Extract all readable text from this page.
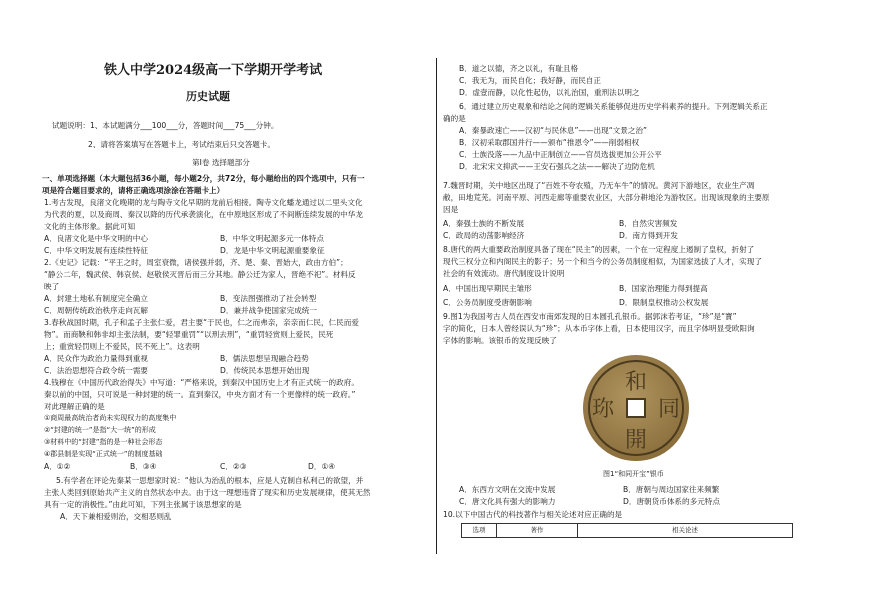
铁人中学2024级高一下学期开学考试
历史试题
试题说明：1、本试题满分___100___分，答题时间___75___分钟。
2、请将答案填写在答题卡上，考试结束后只交答题卡。
第Ⅰ卷 选择题部分
一、单项选择题（本大题包括36小题，每小题2分，共72分，每小题给出的四个选项中，只有一
项是符合题目要求的，请将正确选项涂涂在答题卡上）
1.考古发现，良渚文化晚期的龙与陶寺文化早期的龙前后相接。陶寺文化蟠龙通过以二里头文化
为代表的夏，以及商周、秦汉以降的历代承袭演化，在中原地区形成了不间断连续发展的中华龙
文化的主体形象。据此可知
A．良渚文化是中华文明的中心	B．中华文明起源多元一体特点
C．中华文明发展有连续性特征	D．龙是中华文明起源重要象征
2.《史记》记载：“平王之时，周室衰微，诸侯强并弱，齐、楚、秦、晋始大，政由方伯”；
“静公二年，魏武侯、韩哀侯、赵敬侯灭晋后而三分其地。静公迁为家人，晋绝不祀”。材料反
映了
A．封建土地私有制度完全确立	B．变法图强推动了社会转型
C．周朝传统政治秩序走向瓦解	D．兼并战争使国家完成统一
3.春秋战国时期，孔子和孟子主张仁爱，君主要“于民也，仁之而弗亲，亲亲而仁民，仁民而爱
物”。而商鞅和韩非却主张法制，要“轻罪重罚”“以刑去刑”，“重罚轻赏则上爱民，民死
上；重赏轻罚则上不爱民，民不死上”。这表明
A．民众作为政治力量得到重视	B．儒法思想呈现融合趋势
C．法治思想符合政令统一需要	D．传统民本思想开始出现
4.钱穆在《中国历代政治得失》中写道：“严格来说，到秦汉中国历史上才有正式统一的政府。
秦以前的中国，只可说是一种封建的统一。直到秦汉，中央方面才有一个更像样的统一政府。”
对此理解正确的是
①商周最高统治者尚未实现权力的高度集中
②“封建的统一”是指“大一统”的形成
③材料中的“封建”指的是一种社会形态
④郡县制是实现“正式统一”的制度基础
A．①②	B．③④	C．②③	D．①④
5.有学者在评论先秦某一思想家时说：“他认为治乱的根本，应是人克制自私利己的欲望，并
主张人类回到原始共产主义的自然状态中去。由于这一理想违背了现实和历史发展规律，使其无然
具有一定的消极性。”由此可知，下列主张属于该思想家的是
A．天下兼相爱则治，交相恶则乱
B．道之以德，齐之以礼，有耻且格
C．我无为，而民自化；我好静，而民自正
D．虚壹而静，以化性起伪，以礼治国，重刑法以明之
6．通过建立历史观象和结论之间的逻辑关系能够促进历史学科素养的提升。下列逻辑关系正
确的是
A．秦暴政速亡——汉初“与民休息”——出现“文景之治”
B．汉初采取郡国并行——颁布“推恩令”——削弱相权
C．士族没落——九品中正制创立——官员选拔更加公开公平
D．北宋宋文抑武——王安石强兵之法——解决了边防危机
7.魏晋时期，关中地区出现了“百姓不夸农殖，乃无车牛”的情况。黄河下游地区，农业生产凋
敝，田地荒芜。河南平原、河西走廊等重要农业区，大部分耕地沦为游牧区。出现该现象的主要原
因是
A．秦强士族的不断发展	B．自然灾害频发
C．政局的动荡影响经济	D．南方得到开发
8.唐代的两大重要政治制度具备了现在“民主”的因素，一个在一定程度上遏制了皇权，折射了
现代三权分立和内阁民主的影子；另一个和当今的公务员制度相似，为国家选拔了人才，实现了
社会的有效流动。唐代制度设计说明
A．中国出现早期民主雏形	B．国家治理能力得到提高
C．公务员制度受唐朝影响	D．限制皇权推动公权发展
9.图1为我国考古人员在西安市南郊发现的日本圆孔孔银币。据郭沫若考证，“珍”是“寳”
字的简化，日本人曾经误认为“珍”；从本币字体上看，日本使用汉字，而且字体明显受欧阳询
字体的影响。该银币的发现反映了
和
同
開
珎
图1“和同开宝”银币
A．东西方文明在交流中发展	B．唐朝与周边国家往来频繁
C．唐文化具有强大的影响力	D．唐朝货币体系的多元特点
10.以下中国古代的科技著作与相关论述对应正确的是
选项	著作	相关论述
